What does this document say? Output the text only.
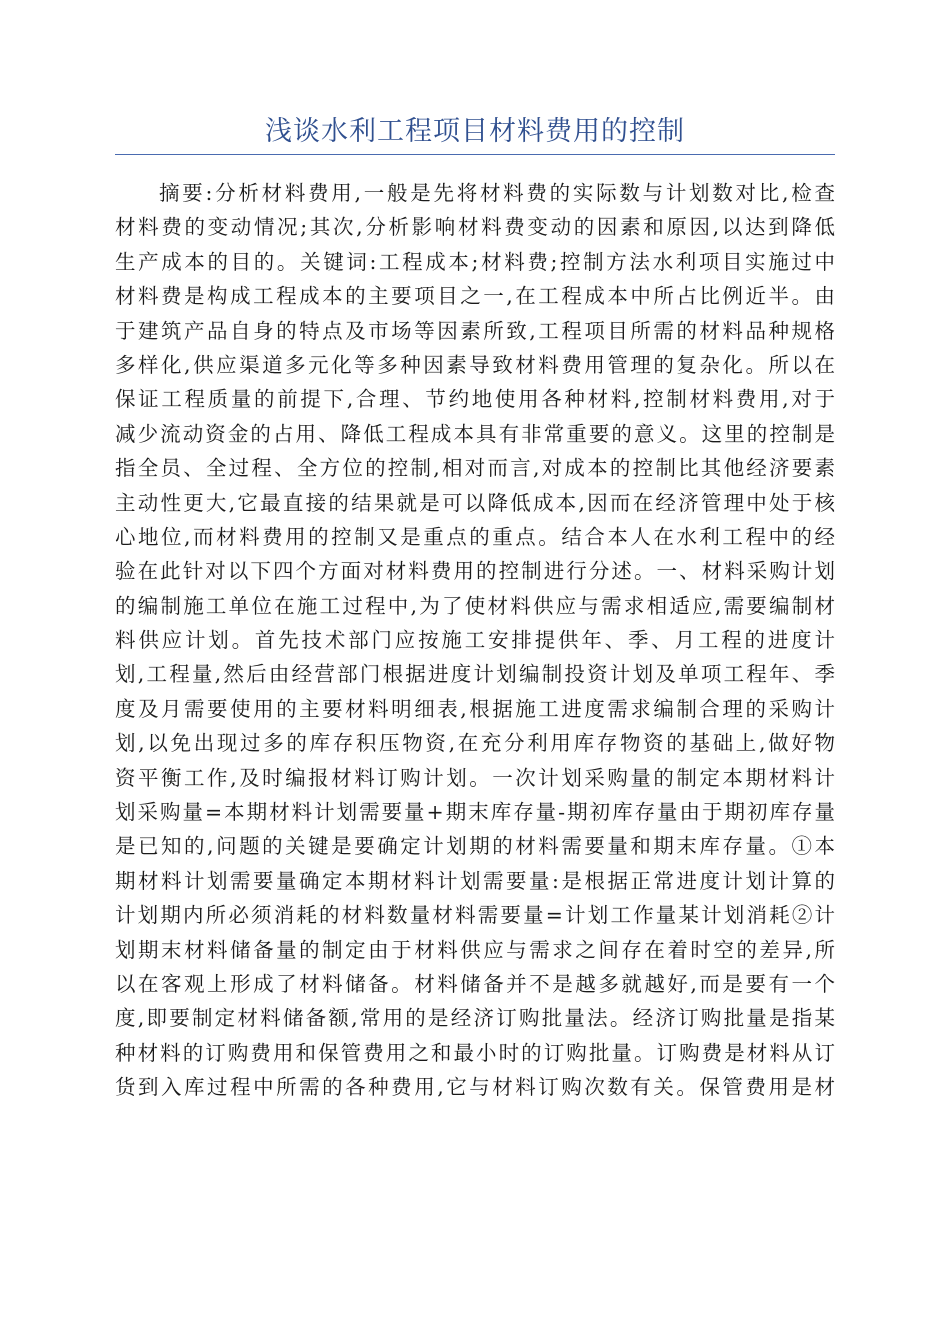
浅谈水利工程项目材料费用的控制
摘要:分析材料费用,一般是先将材料费的实际数与计划数对比,检查
材料费的变动情况;其次,分析影响材料费变动的因素和原因,以达到降低
生产成本的目的。关键词:工程成本;材料费;控制方法水利项目实施过中
材料费是构成工程成本的主要项目之一,在工程成本中所占比例近半。由
于建筑产品自身的特点及市场等因素所致,工程项目所需的材料品种规格
多样化,供应渠道多元化等多种因素导致材料费用管理的复杂化。所以在
保证工程质量的前提下,合理、节约地使用各种材料,控制材料费用,对于
减少流动资金的占用、降低工程成本具有非常重要的意义。这里的控制是
指全员、全过程、全方位的控制,相对而言,对成本的控制比其他经济要素
主动性更大,它最直接的结果就是可以降低成本,因而在经济管理中处于核
心地位,而材料费用的控制又是重点的重点。结合本人在水利工程中的经
验在此针对以下四个方面对材料费用的控制进行分述。一、材料采购计划
的编制施工单位在施工过程中,为了使材料供应与需求相适应,需要编制材
料供应计划。首先技术部门应按施工安排提供年、季、月工程的进度计
划,工程量,然后由经营部门根据进度计划编制投资计划及单项工程年、季
度及月需要使用的主要材料明细表,根据施工进度需求编制合理的采购计
划,以免出现过多的库存积压物资,在充分利用库存物资的基础上,做好物
资平衡工作,及时编报材料订购计划。一次计划采购量的制定本期材料计
划采购量=本期材料计划需要量+期末库存量-期初库存量由于期初库存量
是已知的,问题的关键是要确定计划期的材料需要量和期末库存量。①本
期材料计划需要量确定本期材料计划需要量:是根据正常进度计划计算的
计划期内所必须消耗的材料数量材料需要量=计划工作量某计划消耗②计
划期末材料储备量的制定由于材料供应与需求之间存在着时空的差异,所
以在客观上形成了材料储备。材料储备并不是越多就越好,而是要有一个
度,即要制定材料储备额,常用的是经济订购批量法。经济订购批量是指某
种材料的订购费用和保管费用之和最小时的订购批量。订购费是材料从订
货到入库过程中所需的各种费用,它与材料订购次数有关。保管费用是材
